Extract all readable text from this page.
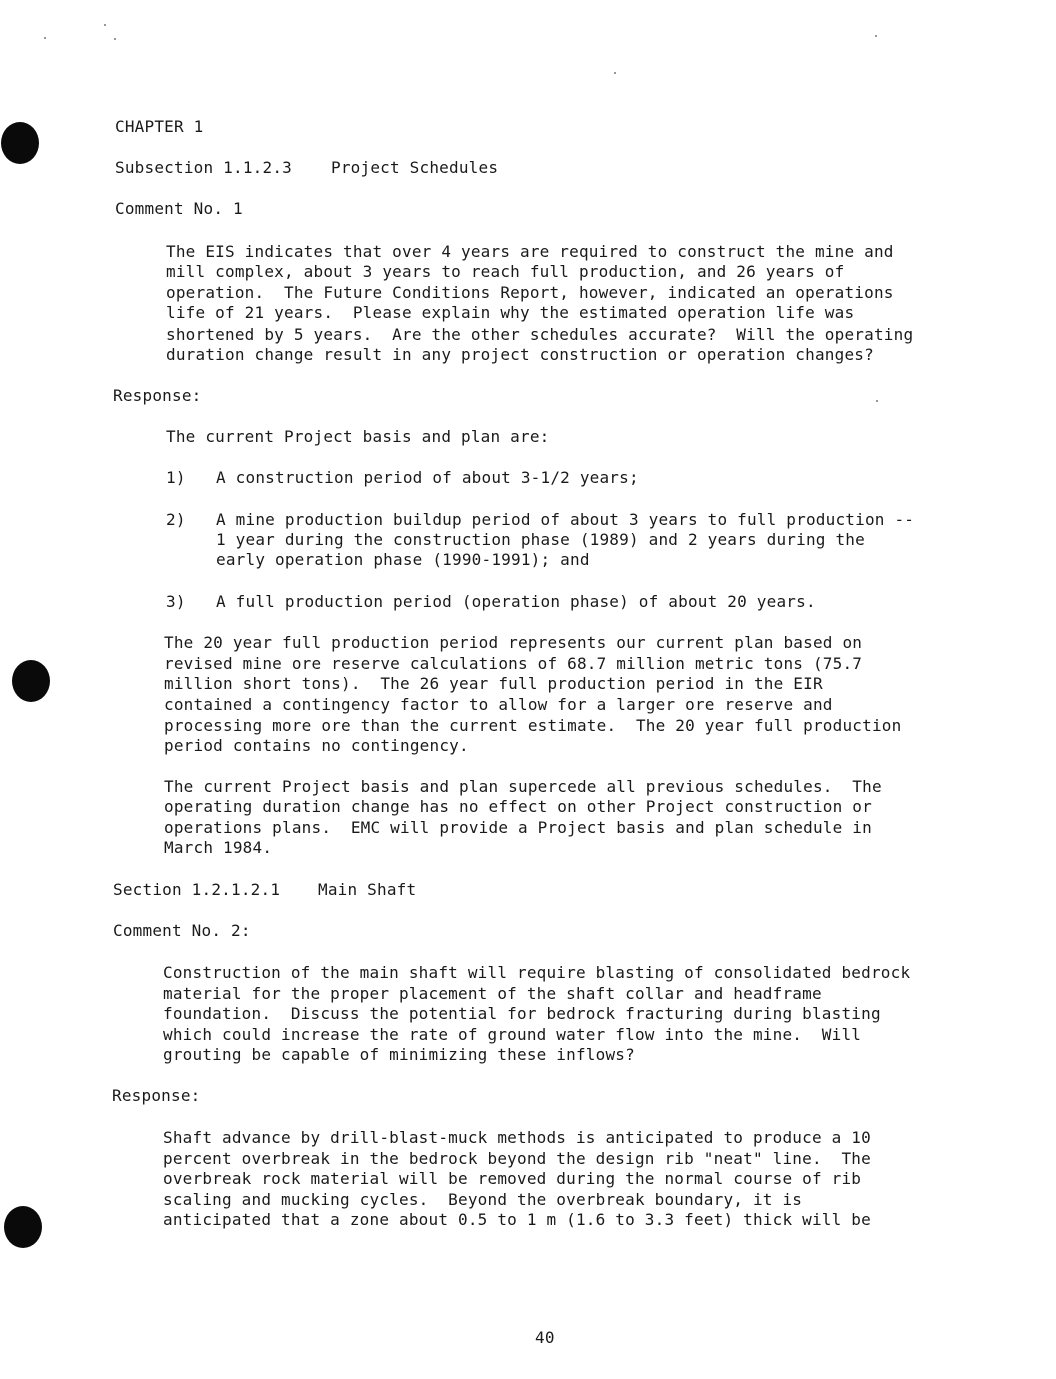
CHAPTER 1
Subsection 1.1.2.3 Project Schedules
Comment No. 1
The EIS indicates that over 4 years are required to construct the mine and
mill complex, about 3 years to reach full production, and 26 years of
operation.  The Future Conditions Report, however, indicated an operations
life of 21 years.  Please explain why the estimated operation life was
shortened by 5 years.  Are the other schedules accurate?  Will the operating
duration change result in any project construction or operation changes?
Response:
The current Project basis and plan are:
1) A construction period of about 3-1/2 years;
2) A mine production buildup period of about 3 years to full production --
1 year during the construction phase (1989) and 2 years during the
early operation phase (1990-1991); and
3) A full production period (operation phase) of about 20 years.
The 20 year full production period represents our current plan based on
revised mine ore reserve calculations of 68.7 million metric tons (75.7
million short tons).  The 26 year full production period in the EIR
contained a contingency factor to allow for a larger ore reserve and
processing more ore than the current estimate.  The 20 year full production
period contains no contingency.
The current Project basis and plan supercede all previous schedules.  The
operating duration change has no effect on other Project construction or
operations plans.  EMC will provide a Project basis and plan schedule in
March 1984.
Section 1.2.1.2.1 Main Shaft
Comment No. 2:
Construction of the main shaft will require blasting of consolidated bedrock
material for the proper placement of the shaft collar and headframe
foundation.  Discuss the potential for bedrock fracturing during blasting
which could increase the rate of ground water flow into the mine.  Will
grouting be capable of minimizing these inflows?
Response:
Shaft advance by drill-blast-muck methods is anticipated to produce a 10
percent overbreak in the bedrock beyond the design rib "neat" line.  The
overbreak rock material will be removed during the normal course of rib
scaling and mucking cycles.  Beyond the overbreak boundary, it is
anticipated that a zone about 0.5 to 1 m (1.6 to 3.3 feet) thick will be
40
